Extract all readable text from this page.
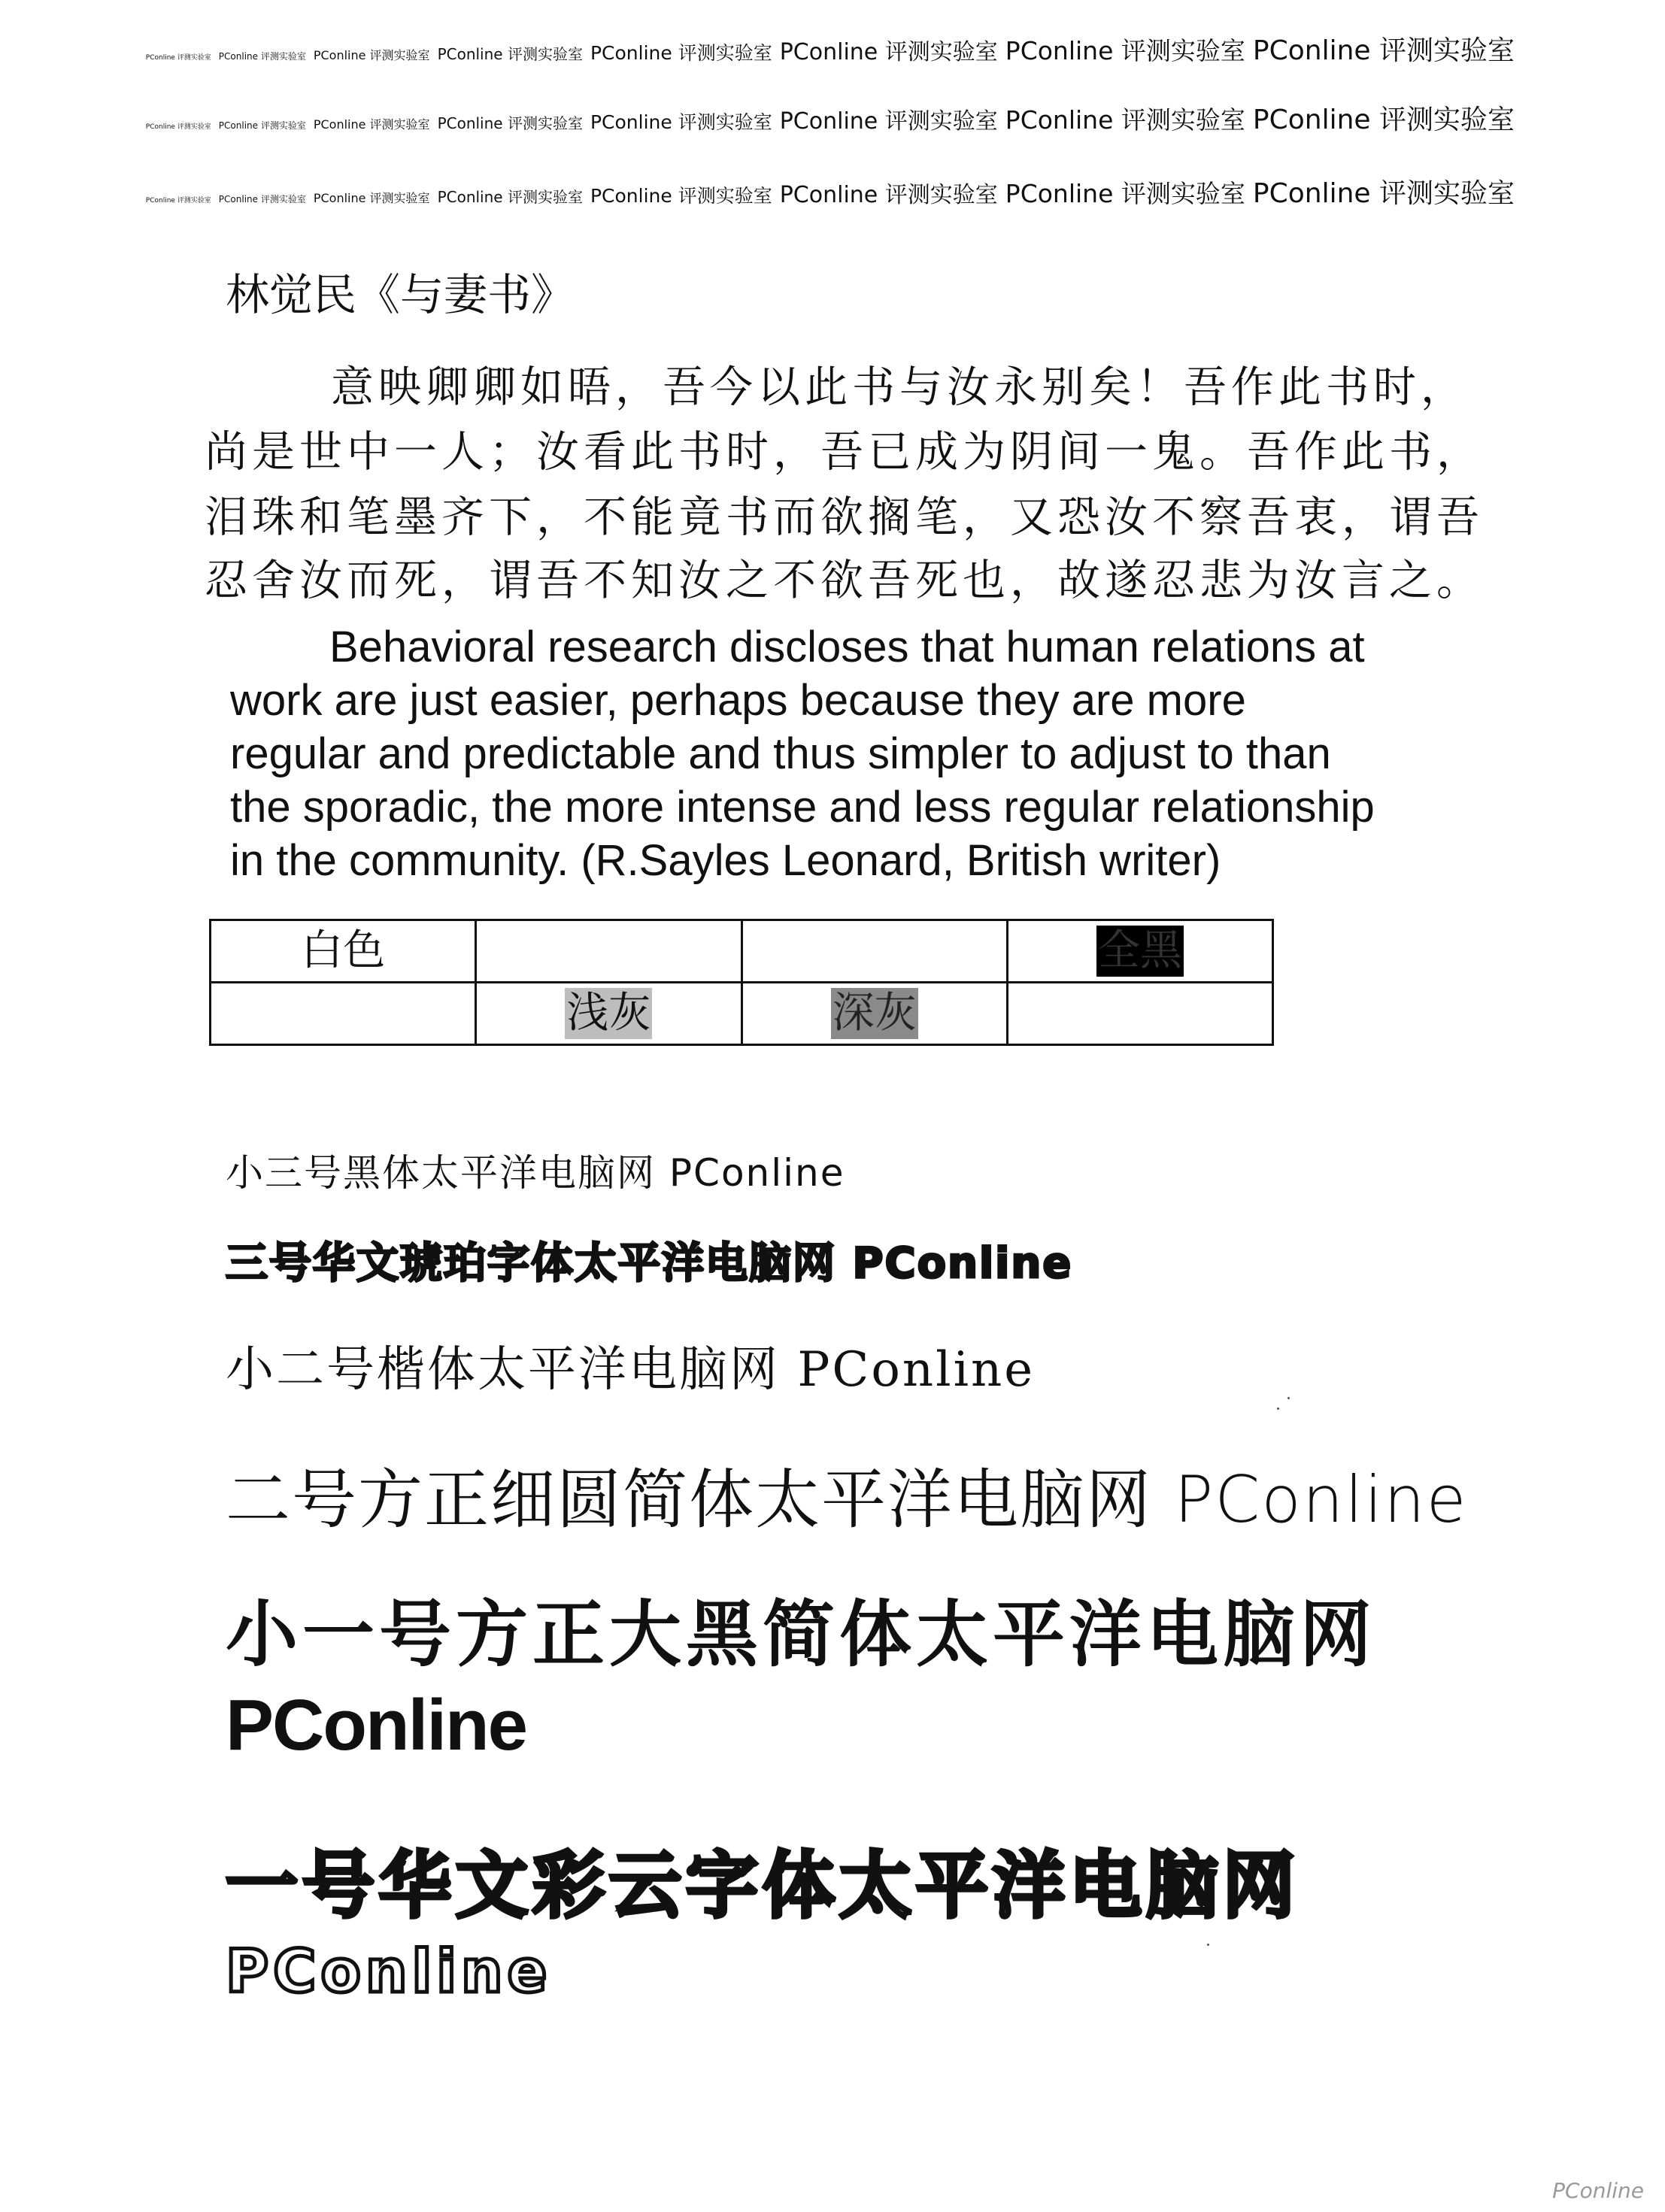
PConline 评测实验室 PConline 评测实验室 PConline 评测实验室 PConline 评测实验室 PConline 评测实验室 PConline 评测实验室 PConline 评测实验室 PConline 评测实验室
PConline 评测实验室 PConline 评测实验室 PConline 评测实验室 PConline 评测实验室 PConline 评测实验室 PConline 评测实验室 PConline 评测实验室 PConline 评测实验室
PConline 评测实验室 PConline 评测实验室 PConline 评测实验室 PConline 评测实验室 PConline 评测实验室 PConline 评测实验室 PConline 评测实验室 PConline 评测实验室
林觉民《与妻书》
意映卿卿如晤，吾今以此书与汝永别矣！吾作此书时，
尚是世中一人；汝看此书时，吾已成为阴间一鬼。吾作此书，
泪珠和笔墨齐下，不能竟书而欲搁笔，又恐汝不察吾衷，谓吾
忍舍汝而死，谓吾不知汝之不欲吾死也，故遂忍悲为汝言之。
Behavioral research discloses that human relations at
work are just easier, perhaps because they are more
regular and predictable and thus simpler to adjust to than
the sporadic, the more intense and less regular relationship
in the community. (R.Sayles Leonard, British writer)
白色			全黑
	浅灰	深灰	
小三号黑体太平洋电脑网 PConline
三号华文琥珀字体太平洋电脑网 PConline
小二号楷体太平洋电脑网 PConline
二号方正细圆简体太平洋电脑网 PConline
小一号方正大黑简体太平洋电脑网
PConline
一号华文彩云字体太平洋电脑网
PConline
PConline
